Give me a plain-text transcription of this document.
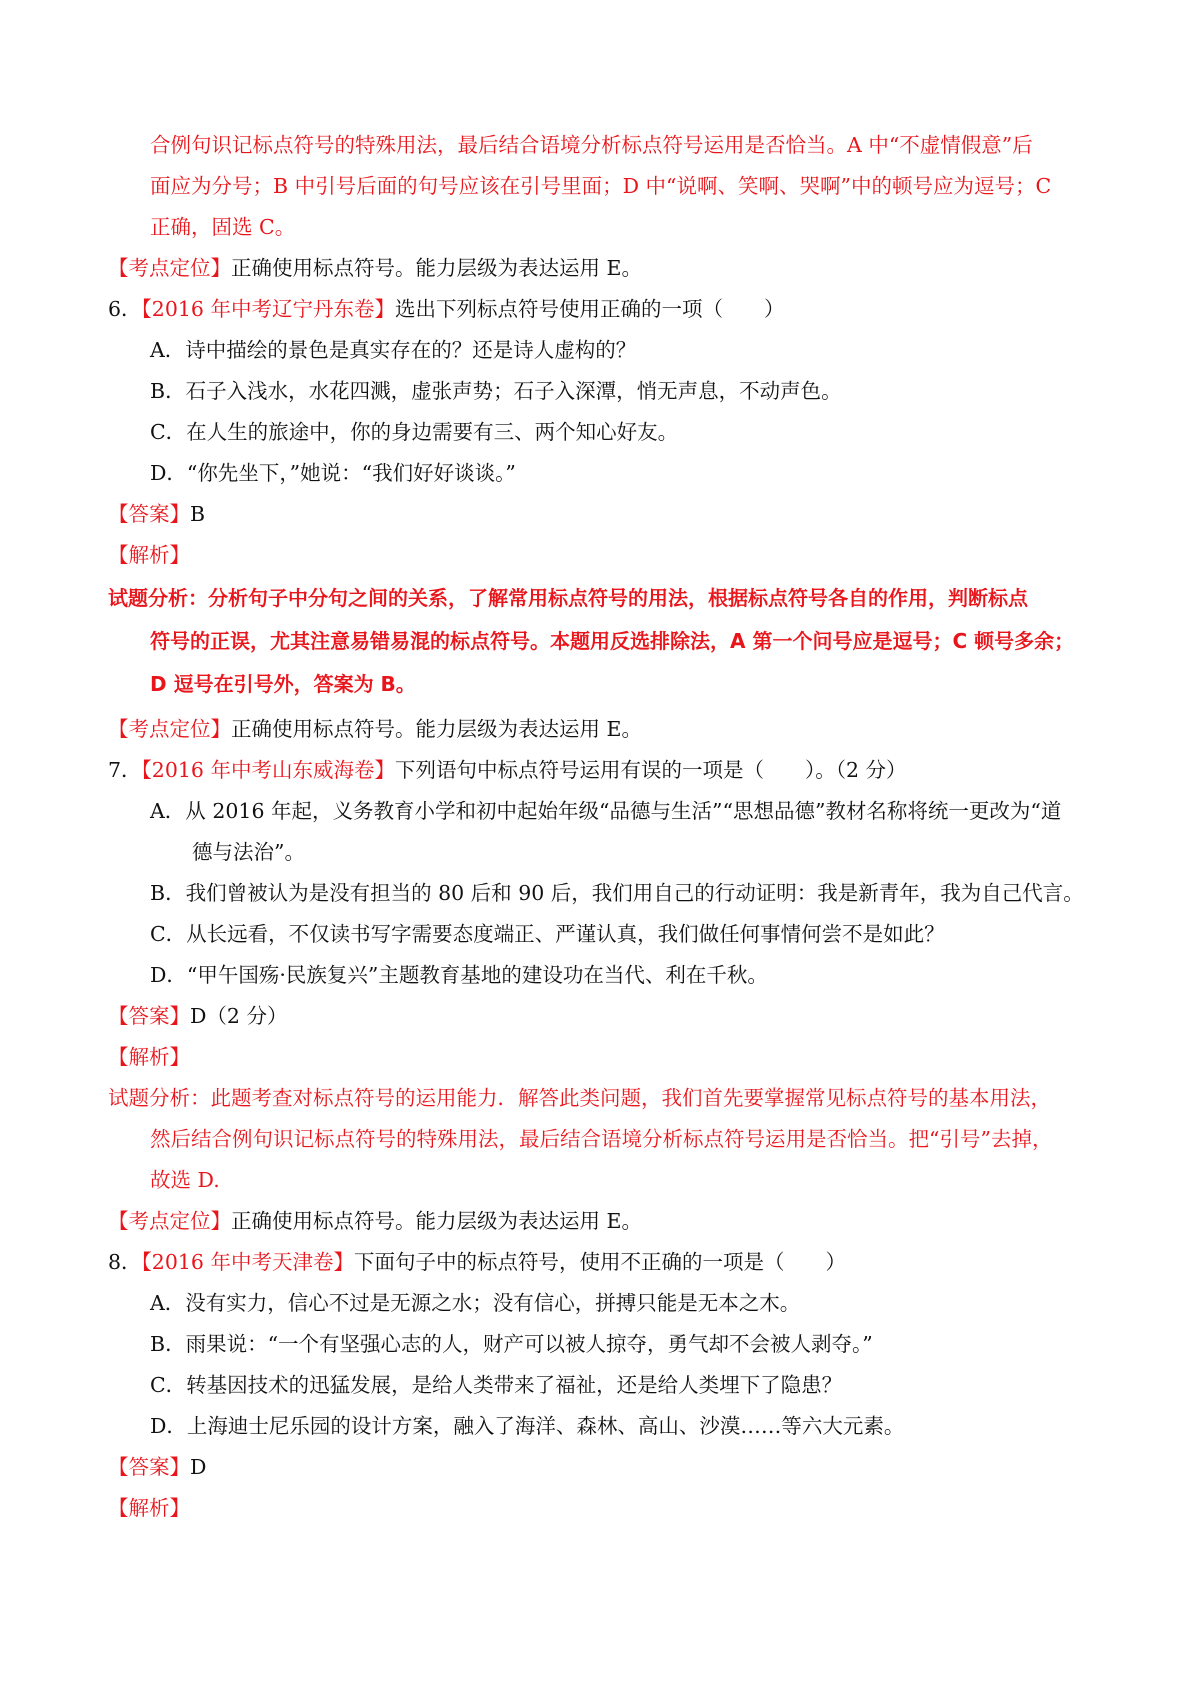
合例句识记标点符号的特殊用法，最后结合语境分析标点符号运用是否恰当。A 中“不虚情假意”后
面应为分号；B 中引号后面的句号应该在引号里面；D 中“说啊、笑啊、哭啊”中的顿号应为逗号；C
正确，固选 C。
【考点定位】正确使用标点符号。能力层级为表达运用 E。
6．【2016 年中考辽宁丹东卷】选出下列标点符号使用正确的一项（　　）
A．诗中描绘的景色是真实存在的？还是诗人虚构的？
B．石子入浅水，水花四溅，虚张声势；石子入深潭，悄无声息，不动声色。
C．在人生的旅途中，你的身边需要有三、两个知心好友。
D．“你先坐下，”她说：“我们好好谈谈。”
【答案】B
【解析】
试题分析：分析句子中分句之间的关系，了解常用标点符号的用法，根据标点符号各自的作用，判断标点
符号的正误，尤其注意易错易混的标点符号。本题用反选排除法，A 第一个问号应是逗号；C 顿号多余；
D 逗号在引号外，答案为 B。
【考点定位】正确使用标点符号。能力层级为表达运用 E。
7．【2016 年中考山东威海卷】下列语句中标点符号运用有误的一项是（　　）。（2 分）
A．从 2016 年起，义务教育小学和初中起始年级“品德与生活”“思想品德”教材名称将统一更改为“道
德与法治”。
B．我们曾被认为是没有担当的 80 后和 90 后，我们用自己的行动证明：我是新青年，我为自己代言。
C．从长远看，不仅读书写字需要态度端正、严谨认真，我们做任何事情何尝不是如此？
D．“甲午国殇·民族复兴”主题教育基地的建设功在当代、利在千秋。
【答案】D（2 分）
【解析】
试题分析：此题考查对标点符号的运用能力．解答此类问题，我们首先要掌握常见标点符号的基本用法，
然后结合例句识记标点符号的特殊用法，最后结合语境分析标点符号运用是否恰当。把“引号”去掉，
故选 D.
【考点定位】正确使用标点符号。能力层级为表达运用 E。
8．【2016 年中考天津卷】下面句子中的标点符号，使用不正确的一项是（　　）
A．没有实力，信心不过是无源之水；没有信心，拼搏只能是无本之木。
B．雨果说：“一个有坚强心志的人，财产可以被人掠夺，勇气却不会被人剥夺。”
C．转基因技术的迅猛发展，是给人类带来了福祉，还是给人类埋下了隐患？
D．上海迪士尼乐园的设计方案，融入了海洋、森林、高山、沙漠……等六大元素。
【答案】D
【解析】
